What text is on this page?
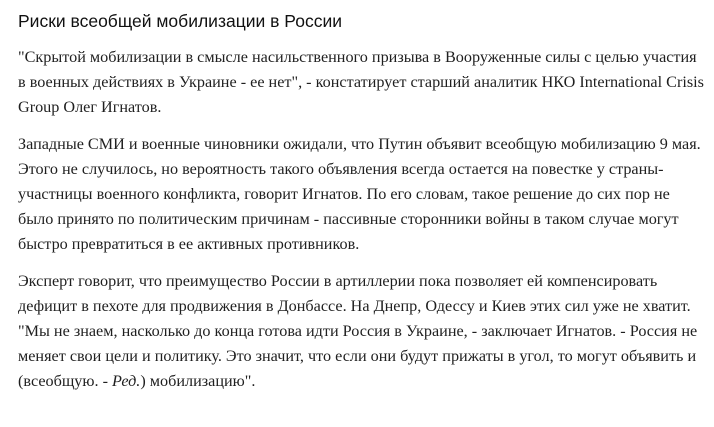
Риски всеобщей мобилизации в России

"Скрытой мобилизации в смысле насильственного призыва в Вооруженные силы с целью участия в военных действиях в Украине - ее нет", - констатирует старший аналитик НКО International Crisis Group Олег Игнатов.

Западные СМИ и военные чиновники ожидали, что Путин объявит всеобщую мобилизацию 9 мая. Этого не случилось, но вероятность такого объявления всегда остается на повестке у страны-участницы военного конфликта, говорит Игнатов. По его словам, такое решение до сих пор не было принято по политическим причинам - пассивные сторонники войны в таком случае могут быстро превратиться в ее активных противников.

Эксперт говорит, что преимущество России в артиллерии пока позволяет ей компенсировать дефицит в пехоте для продвижения в Донбассе. На Днепр, Одессу и Киев этих сил уже не хватит. "Мы не знаем, насколько до конца готова идти Россия в Украине, - заключает Игнатов. - Россия не меняет свои цели и политику. Это значит, что если они будут прижаты в угол, то могут объявить и (всеобщую. - Ред.) мобилизацию".
